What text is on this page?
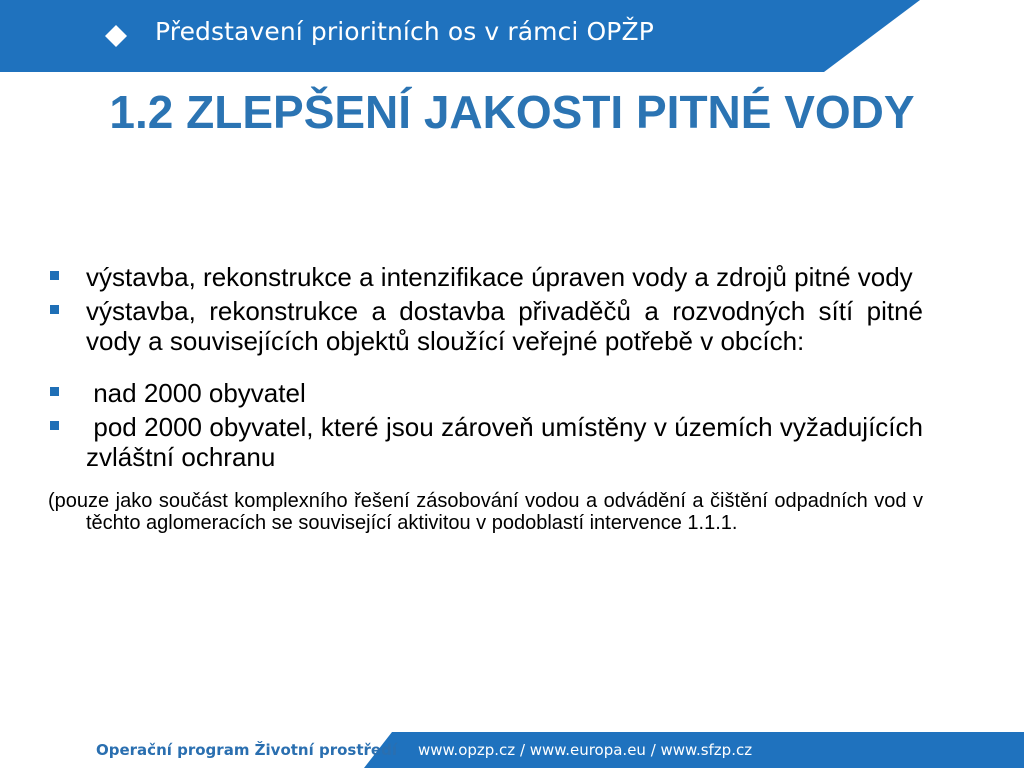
Představení prioritních os v rámci OPŽP
1.2 ZLEPŠENÍ JAKOSTI PITNÉ VODY
výstavba, rekonstrukce a intenzifikace úpraven vody a zdrojů pitné vody
výstavba, rekonstrukce a dostavba přivaděčů a rozvodných sítí pitné vody a souvisejících objektů sloužící veřejné potřebě v obcích:
nad 2000 obyvatel
pod 2000 obyvatel, které jsou zároveň umístěny v územích vyžadujících zvláštní ochranu
(pouze jako součást komplexního řešení zásobování vodou a odvádění a čištění odpadních vod v těchto aglomeracích se související aktivitou v podoblastí intervence 1.1.1.
Operační program Životní prostředí www.opzp.cz / www.europa.eu / www.sfzp.cz
